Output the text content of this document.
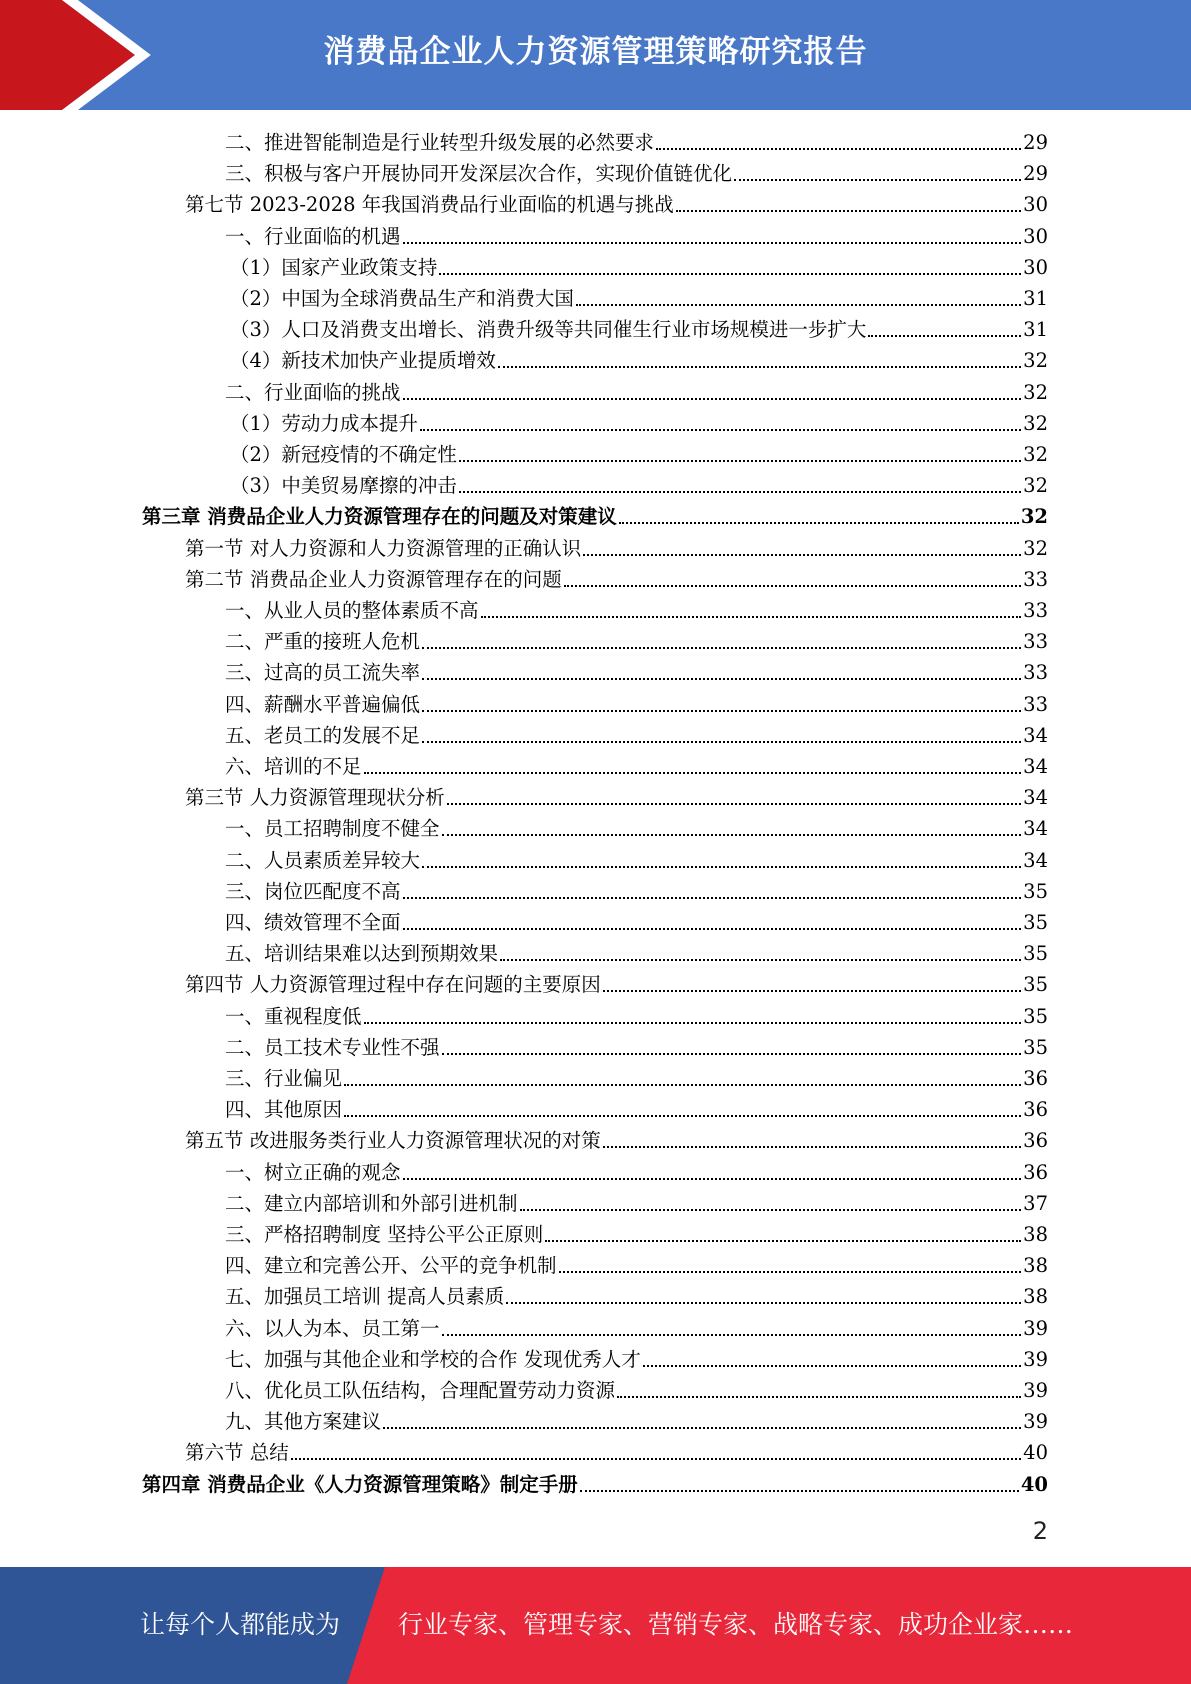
消费品企业人力资源管理策略研究报告
二、推进智能制造是行业转型升级发展的必然要求	29
三、积极与客户开展协同开发深层次合作，实现价值链优化	29
第七节 2023-2028 年我国消费品行业面临的机遇与挑战	30
一、行业面临的机遇	30
（1）国家产业政策支持	30
（2）中国为全球消费品生产和消费大国	31
（3）人口及消费支出增长、消费升级等共同催生行业市场规模进一步扩大	31
（4）新技术加快产业提质增效	32
二、行业面临的挑战	32
（1）劳动力成本提升	32
（2）新冠疫情的不确定性	32
（3）中美贸易摩擦的冲击	32
第三章 消费品企业人力资源管理存在的问题及对策建议	32
第一节 对人力资源和人力资源管理的正确认识	32
第二节 消费品企业人力资源管理存在的问题	33
一、从业人员的整体素质不高	33
二、严重的接班人危机	33
三、过高的员工流失率	33
四、薪酬水平普遍偏低	33
五、老员工的发展不足	34
六、培训的不足	34
第三节 人力资源管理现状分析	34
一、员工招聘制度不健全	34
二、人员素质差异较大	34
三、岗位匹配度不高	35
四、绩效管理不全面	35
五、培训结果难以达到预期效果	35
第四节 人力资源管理过程中存在问题的主要原因	35
一、重视程度低	35
二、员工技术专业性不强	35
三、行业偏见	36
四、其他原因	36
第五节 改进服务类行业人力资源管理状况的对策	36
一、树立正确的观念	36
二、建立内部培训和外部引进机制	37
三、严格招聘制度 坚持公平公正原则	38
四、建立和完善公开、公平的竞争机制	38
五、加强员工培训 提高人员素质	38
六、以人为本、员工第一	39
七、加强与其他企业和学校的合作 发现优秀人才	39
八、优化员工队伍结构，合理配置劳动力资源	39
九、其他方案建议	39
第六节 总结	40
第四章 消费品企业《人力资源管理策略》制定手册	40
2
让每个人都能成为 行业专家、管理专家、营销专家、战略专家、成功企业家……
